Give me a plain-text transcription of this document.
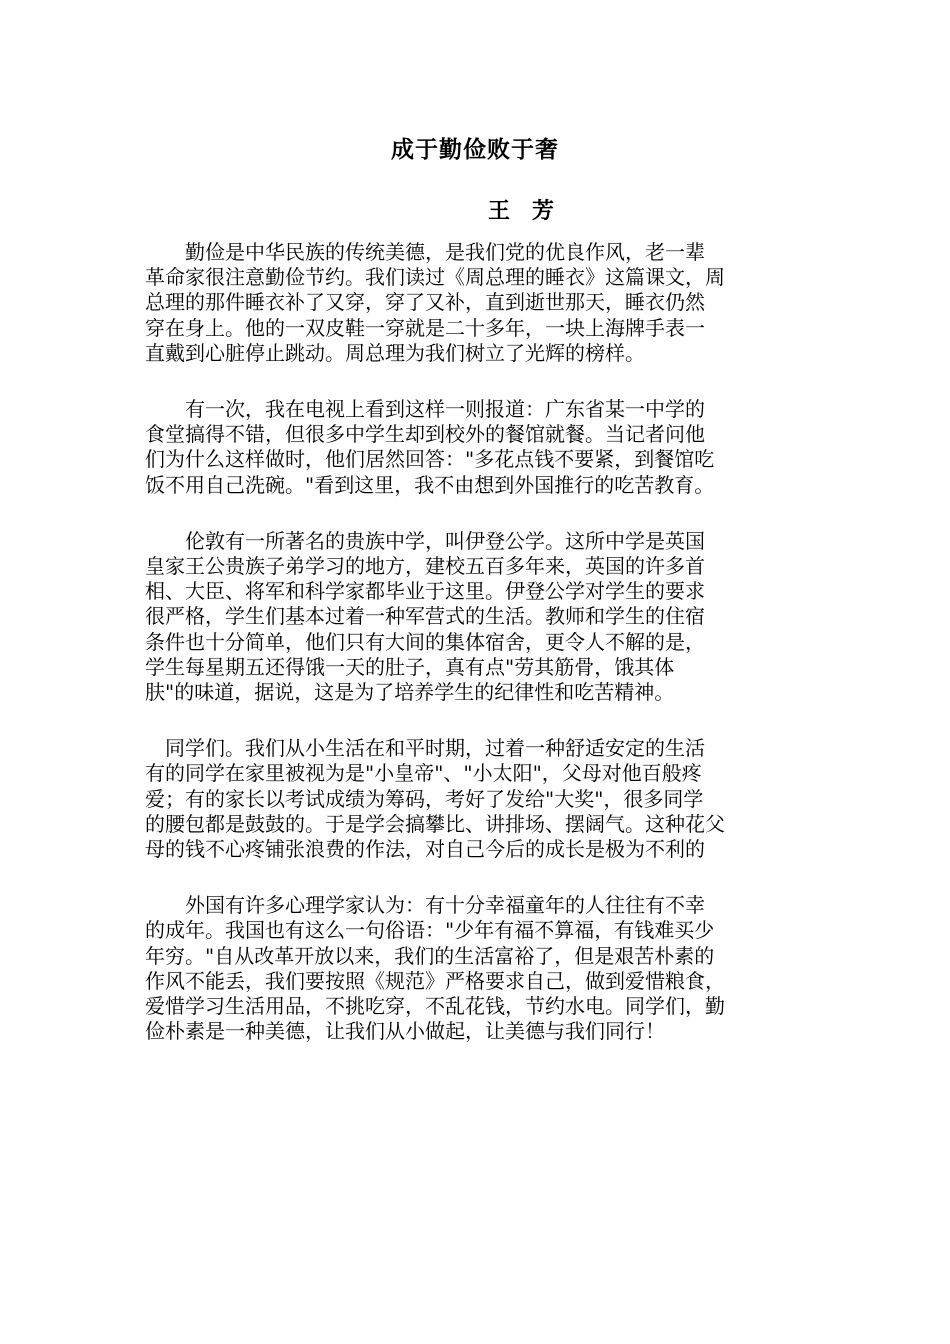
成于勤俭败于奢
王　芳

　　勤俭是中华民族的传统美德，是我们党的优良作风，老一辈
革命家很注意勤俭节约。我们读过《周总理的睡衣》这篇课文，周
总理的那件睡衣补了又穿，穿了又补，直到逝世那天，睡衣仍然
穿在身上。他的一双皮鞋一穿就是二十多年，一块上海牌手表一
直戴到心脏停止跳动。周总理为我们树立了光辉的榜样。

　　有一次，我在电视上看到这样一则报道：广东省某一中学的
食堂搞得不错，但很多中学生却到校外的餐馆就餐。当记者问他
们为什么这样做时，他们居然回答："多花点钱不要紧，到餐馆吃
饭不用自己洗碗。"看到这里，我不由想到外国推行的吃苦教育。

　　伦敦有一所著名的贵族中学，叫伊登公学。这所中学是英国
皇家王公贵族子弟学习的地方，建校五百多年来，英国的许多首
相、大臣、将军和科学家都毕业于这里。伊登公学对学生的要求
很严格，学生们基本过着一种军营式的生活。教师和学生的住宿
条件也十分简单，他们只有大间的集体宿舍，更令人不解的是，
学生每星期五还得饿一天的肚子，真有点"劳其筋骨，饿其体
肤"的味道，据说，这是为了培养学生的纪律性和吃苦精神。

　同学们。我们从小生活在和平时期，过着一种舒适安定的生活
有的同学在家里被视为是"小皇帝"、"小太阳"，父母对他百般疼
爱；有的家长以考试成绩为筹码，考好了发给"大奖"，很多同学
的腰包都是鼓鼓的。于是学会搞攀比、讲排场、摆阔气。这种花父
母的钱不心疼铺张浪费的作法，对自己今后的成长是极为不利的

　　外国有许多心理学家认为：有十分幸福童年的人往往有不幸
的成年。我国也有这么一句俗语："少年有福不算福，有钱难买少
年穷。"自从改革开放以来，我们的生活富裕了，但是艰苦朴素的
作风不能丢，我们要按照《规范》严格要求自己，做到爱惜粮食，
爱惜学习生活用品，不挑吃穿，不乱花钱，节约水电。同学们，勤
俭朴素是一种美德，让我们从小做起，让美德与我们同行！
